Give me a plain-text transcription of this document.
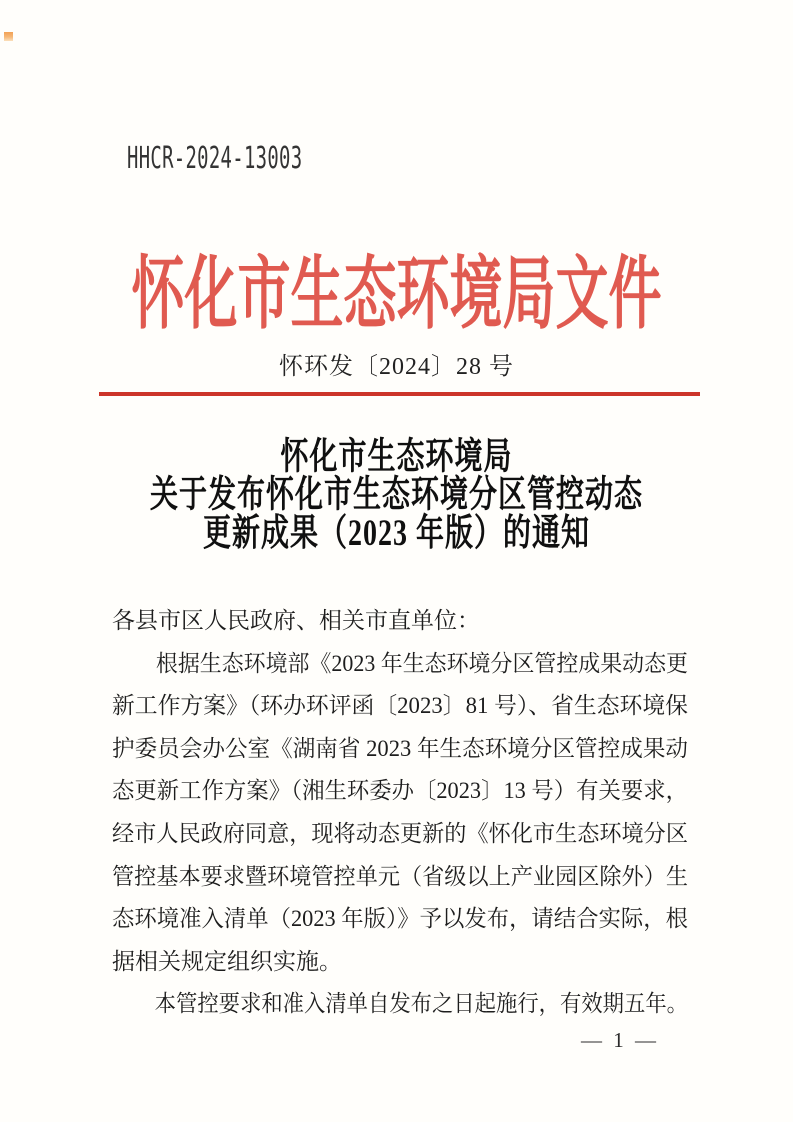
HHCR-2024-13003
怀化市生态环境局文件
怀环发〔2024〕28 号
怀化市生态环境局
关于发布怀化市生态环境分区管控动态
更新成果（2023 年版）的通知
各县市区人民政府、相关市直单位：
根据生态环境部《2023 年生态环境分区管控成果动态更
新工作方案》（环办环评函〔2023〕81 号）、省生态环境保
护委员会办公室《湖南省 2023 年生态环境分区管控成果动
态更新工作方案》（湘生环委办〔2023〕13 号）有关要求，
经市人民政府同意，现将动态更新的《怀化市生态环境分区
管控基本要求暨环境管控单元（省级以上产业园区除外）生
态环境准入清单（2023 年版）》予以发布，请结合实际，根
据相关规定组织实施。
本管控要求和准入清单自发布之日起施行，有效期五年。
— 1 —
